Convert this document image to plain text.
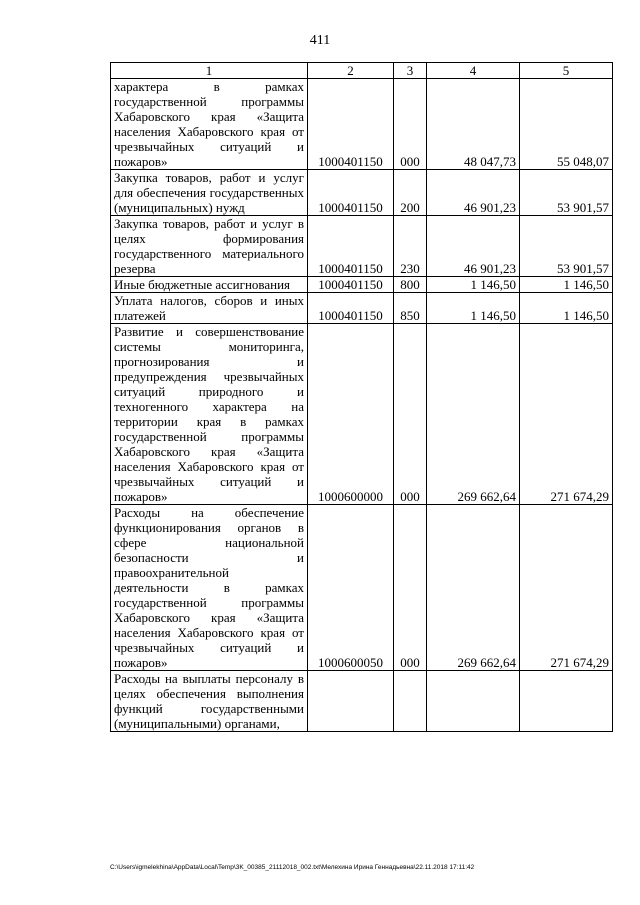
411
1	2	3	4	5
характера в рамках государственной программы Хабаровского края «Защита населения Хабаровского края от чрезвычайных ситуаций и пожаров»	1000401150	000	48 047,73	55 048,07
Закупка товаров, работ и услуг для обеспечения государственных (муниципальных) нужд	1000401150	200	46 901,23	53 901,57
Закупка товаров, работ и услуг в целях формирования государственного материального резерва	1000401150	230	46 901,23	53 901,57
Иные бюджетные ассигнования	1000401150	800	1 146,50	1 146,50
Уплата налогов, сборов и иных платежей	1000401150	850	1 146,50	1 146,50
Развитие и совершенствование системы мониторинга, прогнозирования и предупреждения чрезвычайных ситуаций природного и техногенного характера на территории края в рамках государственной программы Хабаровского края «Защита населения Хабаровского края от чрезвычайных ситуаций и пожаров»	1000600000	000	269 662,64	271 674,29
Расходы на обеспечение функционирования органов в сфере национальной безопасности и правоохранительной деятельности в рамках государственной программы Хабаровского края «Защита населения Хабаровского края от чрезвычайных ситуаций и пожаров»	1000600050	000	269 662,64	271 674,29
Расходы на выплаты персоналу в целях обеспечения выполнения функций государственными (муниципальными) органами,				
C:\Users\igmelekhina\AppData\Local\Temp\3K_00385_21112018_002.txt\Мелехина Ирина Геннадьевна\22.11.2018 17:11:42
